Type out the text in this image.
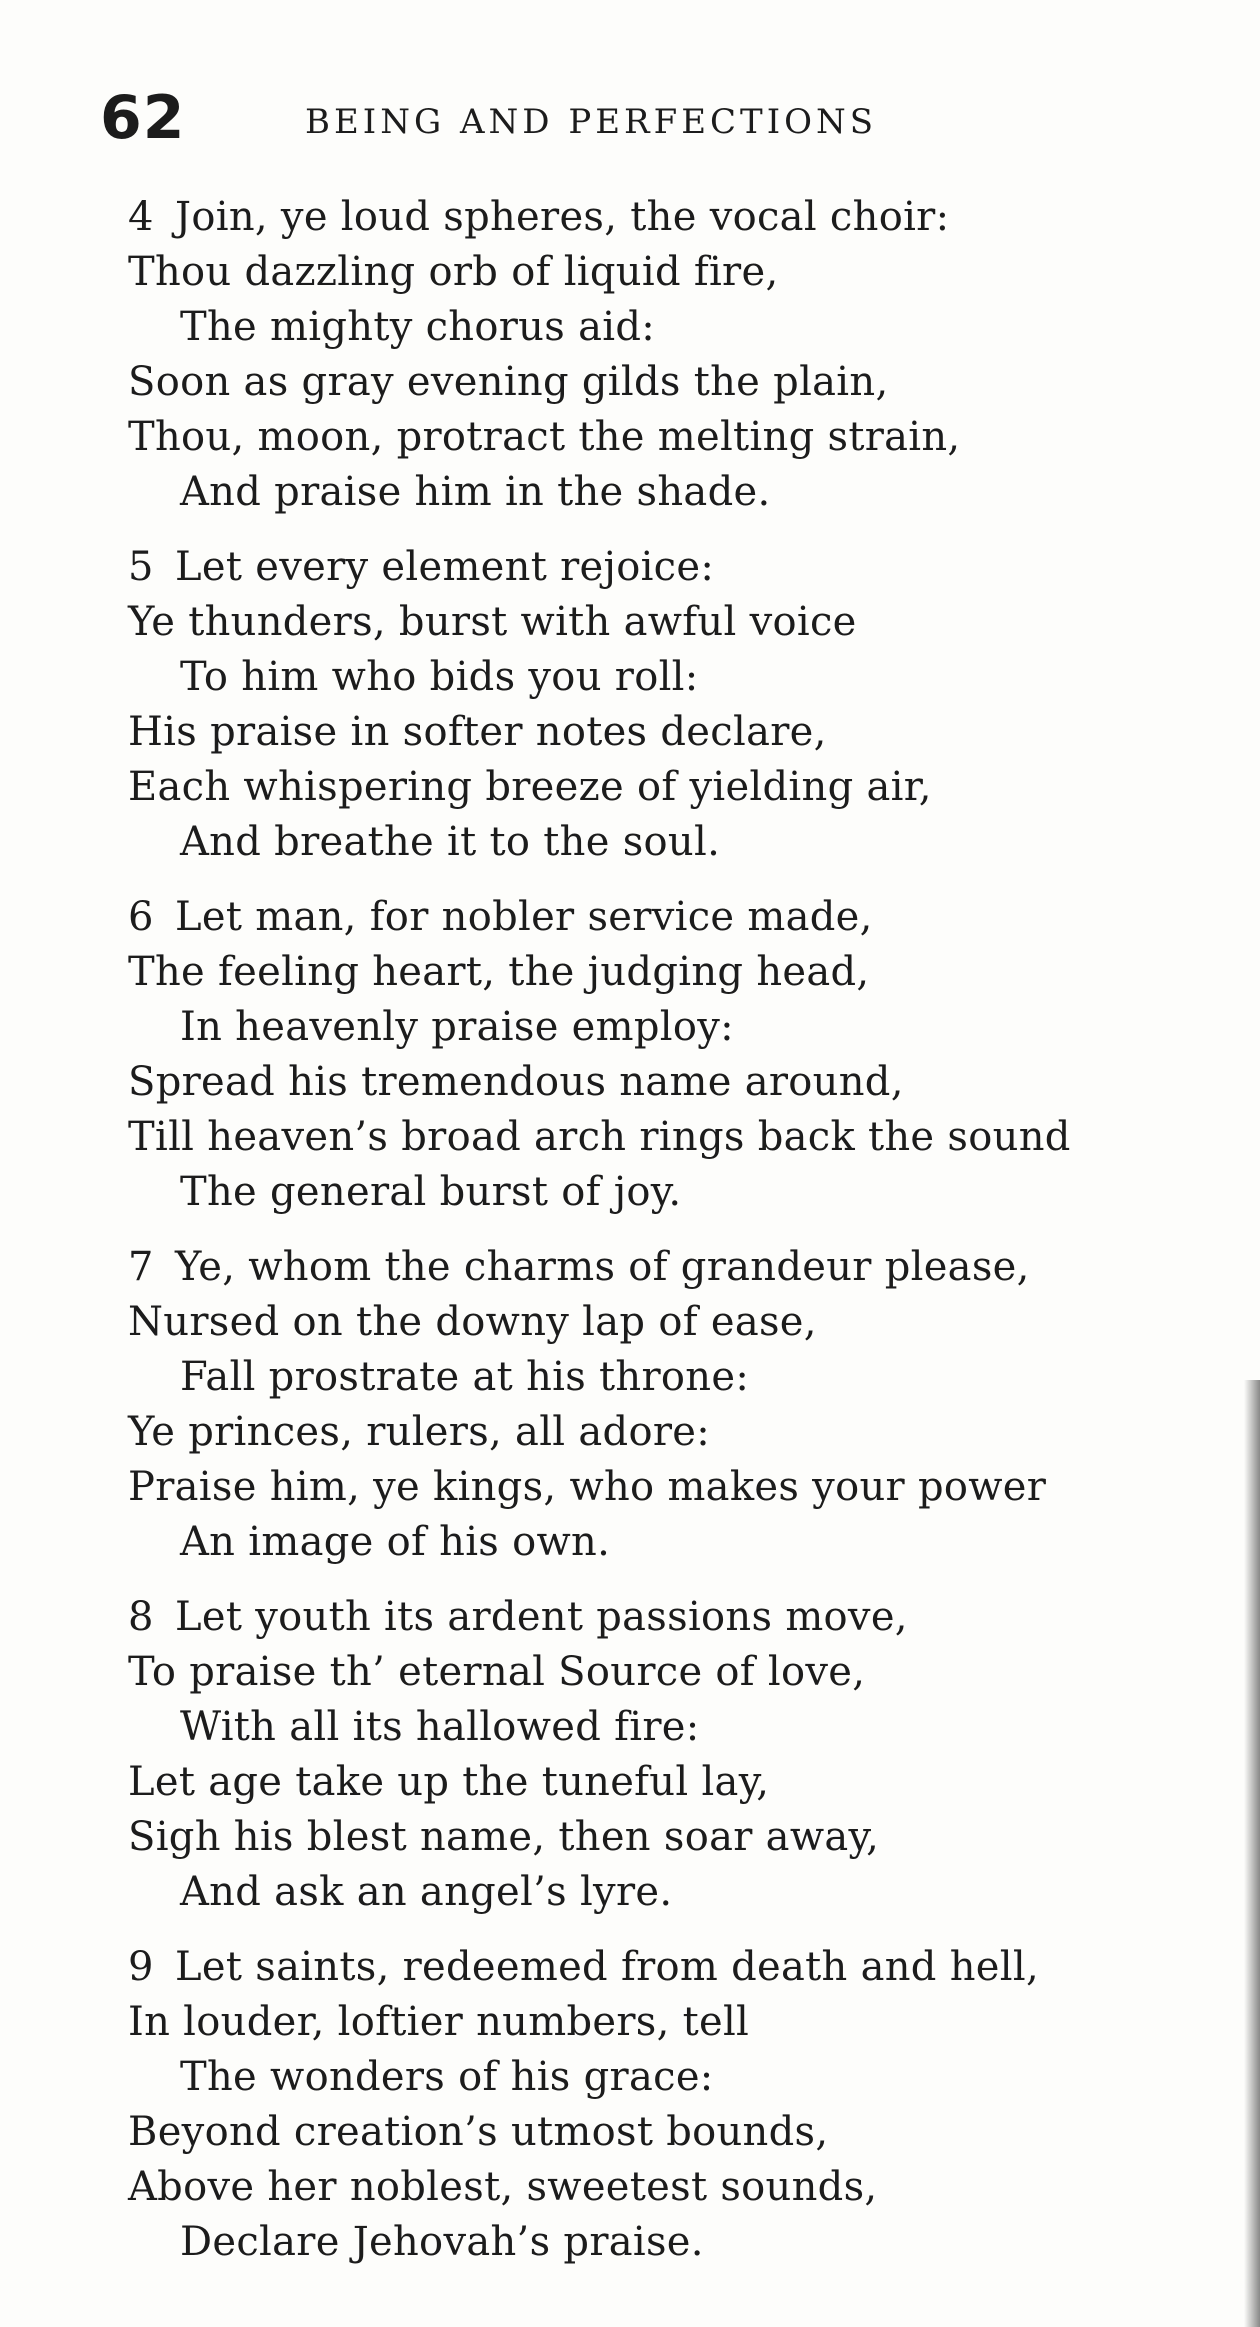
62	BEING AND PERFECTIONS
4 Join, ye loud spheres, the vocal choir:
Thou dazzling orb of liquid fire,
The mighty chorus aid:
Soon as gray evening gilds the plain,
Thou, moon, protract the melting strain,
And praise him in the shade.
5 Let every element rejoice:
Ye thunders, burst with awful voice
To him who bids you roll:
His praise in softer notes declare,
Each whispering breeze of yielding air,
And breathe it to the soul.
6 Let man, for nobler service made,
The feeling heart, the judging head,
In heavenly praise employ:
Spread his tremendous name around,
Till heaven’s broad arch rings back the sound
The general burst of joy.
7 Ye, whom the charms of grandeur please,
Nursed on the downy lap of ease,
Fall prostrate at his throne:
Ye princes, rulers, all adore:
Praise him, ye kings, who makes your power
An image of his own.
8 Let youth its ardent passions move,
To praise th’ eternal Source of love,
With all its hallowed fire:
Let age take up the tuneful lay,
Sigh his blest name, then soar away,
And ask an angel’s lyre.
9 Let saints, redeemed from death and hell,
In louder, loftier numbers, tell
The wonders of his grace:
Beyond creation’s utmost bounds,
Above her noblest, sweetest sounds,
Declare Jehovah’s praise.
